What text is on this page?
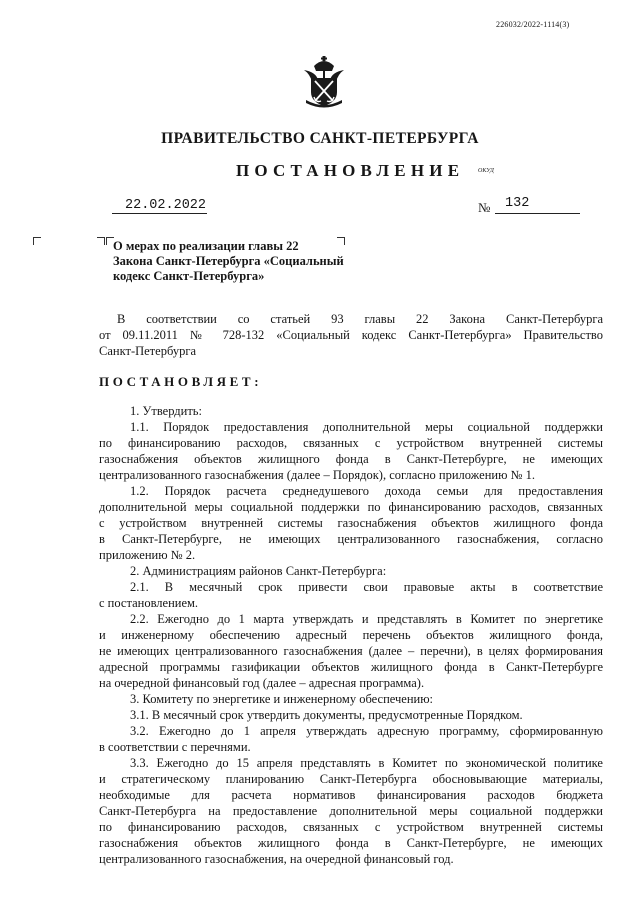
226032/2022-1114(3)
ПРАВИТЕЛЬСТВО САНКТ-ПЕТЕРБУРГА
ПОСТАНОВЛЕНИЕ ОКУД
22.02.2022	№ 132
О мерах по реализации главы 22
Закона Санкт-Петербурга «Социальный
кодекс Санкт-Петербурга»
В соответствии со статьей 93 главы 22 Закона Санкт-Петербурга
от 09.11.2011 № 728-132 «Социальный кодекс Санкт-Петербурга» Правительство
Санкт-Петербурга
ПОСТАНОВЛЯЕТ:
1. Утвердить:
1.1. Порядок предоставления дополнительной меры социальной поддержки
по финансированию расходов, связанных с устройством внутренней системы
газоснабжения объектов жилищного фонда в Санкт-Петербурге, не имеющих
централизованного газоснабжения (далее – Порядок), согласно приложению № 1.
1.2. Порядок расчета среднедушевого дохода семьи для предоставления
дополнительной меры социальной поддержки по финансированию расходов, связанных
с устройством внутренней системы газоснабжения объектов жилищного фонда
в Санкт-Петербурге, не имеющих централизованного газоснабжения, согласно
приложению № 2.
2. Администрациям районов Санкт-Петербурга:
2.1. В месячный срок привести свои правовые акты в соответствие
с постановлением.
2.2. Ежегодно до 1 марта утверждать и представлять в Комитет по энергетике
и инженерному обеспечению адресный перечень объектов жилищного фонда,
не имеющих централизованного газоснабжения (далее – перечни), в целях формирования
адресной программы газификации объектов жилищного фонда в Санкт-Петербурге
на очередной финансовый год (далее – адресная программа).
3. Комитету по энергетике и инженерному обеспечению:
3.1. В месячный срок утвердить документы, предусмотренные Порядком.
3.2. Ежегодно до 1 апреля утверждать адресную программу, сформированную
в соответствии с перечнями.
3.3. Ежегодно до 15 апреля представлять в Комитет по экономической политике
и стратегическому планированию Санкт-Петербурга обосновывающие материалы,
необходимые для расчета нормативов финансирования расходов бюджета
Санкт-Петербурга на предоставление дополнительной меры социальной поддержки
по финансированию расходов, связанных с устройством внутренней системы
газоснабжения объектов жилищного фонда в Санкт-Петербурге, не имеющих
централизованного газоснабжения, на очередной финансовый год.
